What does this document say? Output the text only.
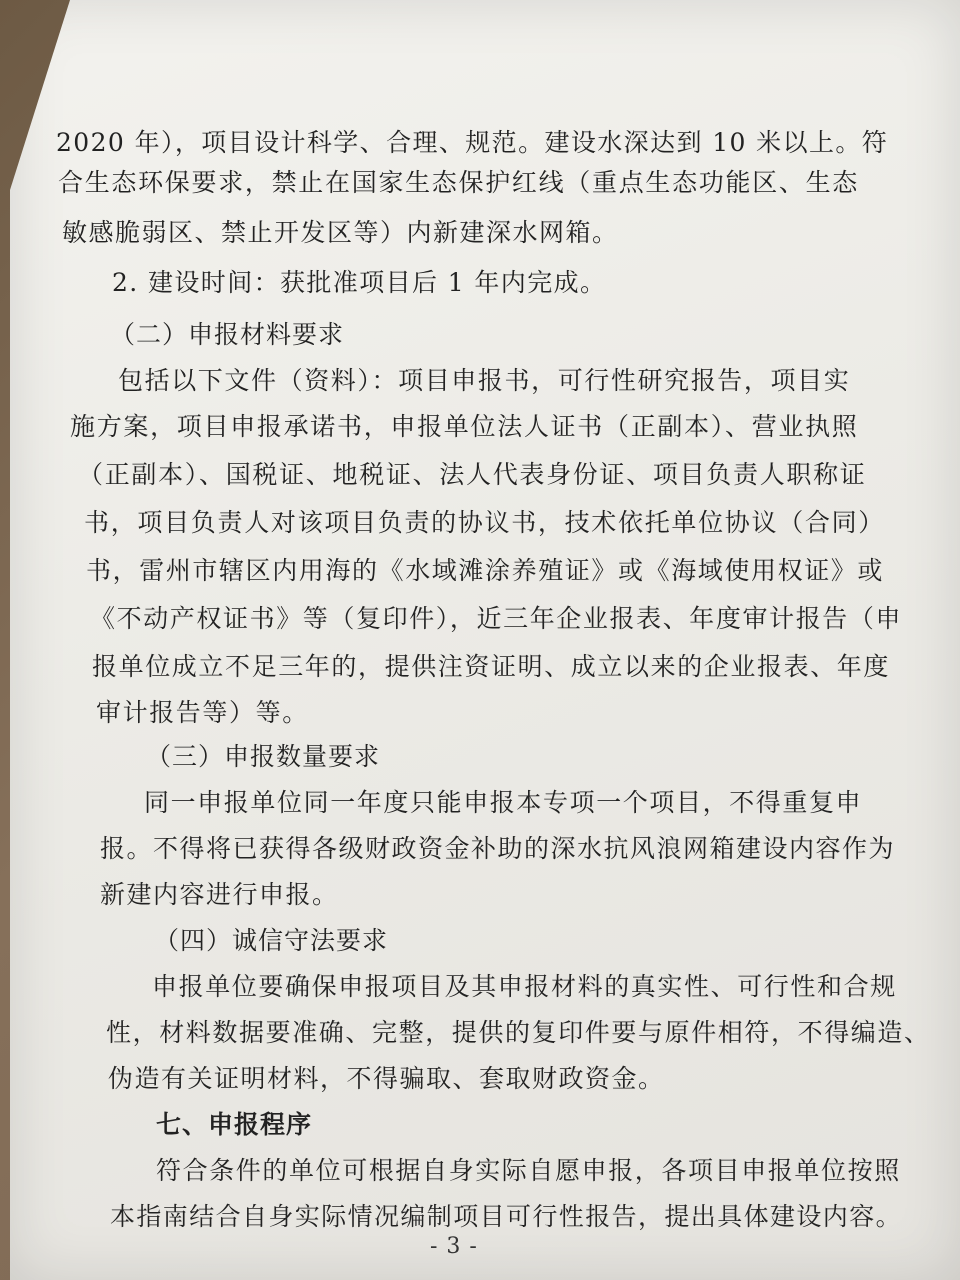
2020 年），项目设计科学、合理、规范。建设水深达到 10 米以上。符
合生态环保要求，禁止在国家生态保护红线（重点生态功能区、生态
敏感脆弱区、禁止开发区等）内新建深水网箱。
2. 建设时间：获批准项目后 1 年内完成。
（二）申报材料要求
包括以下文件（资料）：项目申报书，可行性研究报告，项目实
施方案，项目申报承诺书，申报单位法人证书（正副本）、营业执照
（正副本）、国税证、地税证、法人代表身份证、项目负责人职称证
书，项目负责人对该项目负责的协议书，技术依托单位协议（合同）
书，雷州市辖区内用海的《水域滩涂养殖证》或《海域使用权证》或
《不动产权证书》等（复印件），近三年企业报表、年度审计报告（申
报单位成立不足三年的，提供注资证明、成立以来的企业报表、年度
审计报告等）等。
（三）申报数量要求
同一申报单位同一年度只能申报本专项一个项目，不得重复申
报。不得将已获得各级财政资金补助的深水抗风浪网箱建设内容作为
新建内容进行申报。
（四）诚信守法要求
申报单位要确保申报项目及其申报材料的真实性、可行性和合规
性，材料数据要准确、完整，提供的复印件要与原件相符，不得编造、
伪造有关证明材料，不得骗取、套取财政资金。
七、申报程序
符合条件的单位可根据自身实际自愿申报，各项目申报单位按照
本指南结合自身实际情况编制项目可行性报告，提出具体建设内容。
- 3 -
